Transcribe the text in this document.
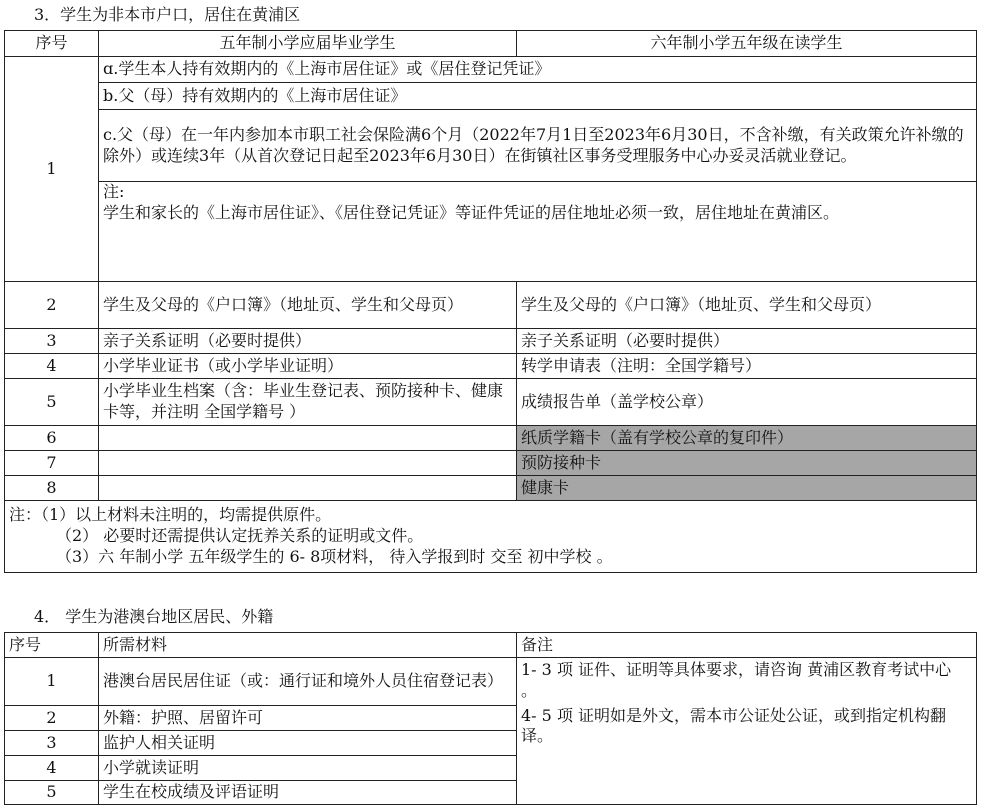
3．学生为非本市户口，居住在黄浦区
序号	五年制小学应届毕业学生	六年制小学五年级在读学生
1	ɑ.学生本人持有效期内的《上海市居住证》或《居住登记凭证》	
	b.父（母）持有效期内的《上海市居住证》	
	c.父（母）在一年内参加本市职工社会保险满6个月（2022年7月1日至2023年6月30日，不含补缴，有关政策允许补缴的除外）或连续3年（从首次登记日起至2023年6月30日）在街镇社区事务受理服务中心办妥灵活就业登记。	

	注:
学生和家长的《上海市居住证》、《居住登记凭证》等证件凭证的居住地址必须一致，居住地址在黄浦区。	

2	学生及父母的《户口簿》（地址页、学生和父母页）	学生及父母的《户口簿》（地址页、学生和父母页）
3	亲子关系证明（必要时提供）	亲子关系证明（必要时提供）
4	小学毕业证书（或小学毕业证明）	转学申请表（注明：全国学籍号）
5	小学毕业生档案（含：毕业生登记表、预防接种卡、健康卡等，并注明 全国学籍号 ）	成绩报告单（盖学校公章）
6		纸质学籍卡（盖有学校公章的复印件）
7		预防接种卡
8		健康卡

注：（1）以上材料未注明的，均需提供原件。
（2） 必要时还需提供认定抚养关系的证明或文件。
（3）六 年制小学 五年级学生的 6- 8项材料， 待入学报到时 交至 初中学校 。		
4． 学生为港澳台地区居民、外籍
序号	所需材料	备注
1	港澳台居民居住证（或：通行证和境外人员住宿登记表）	1- 3 项 证件、证明等具体要求，请咨询 黄浦区教育考试中心 。
4- 5 项 证明如是外文，需本市公证处公证，或到指定机构翻译。

2	外籍：护照、居留许可	
3	监护人相关证明	
4	小学就读证明	
5	学生在校成绩及评语证明	
